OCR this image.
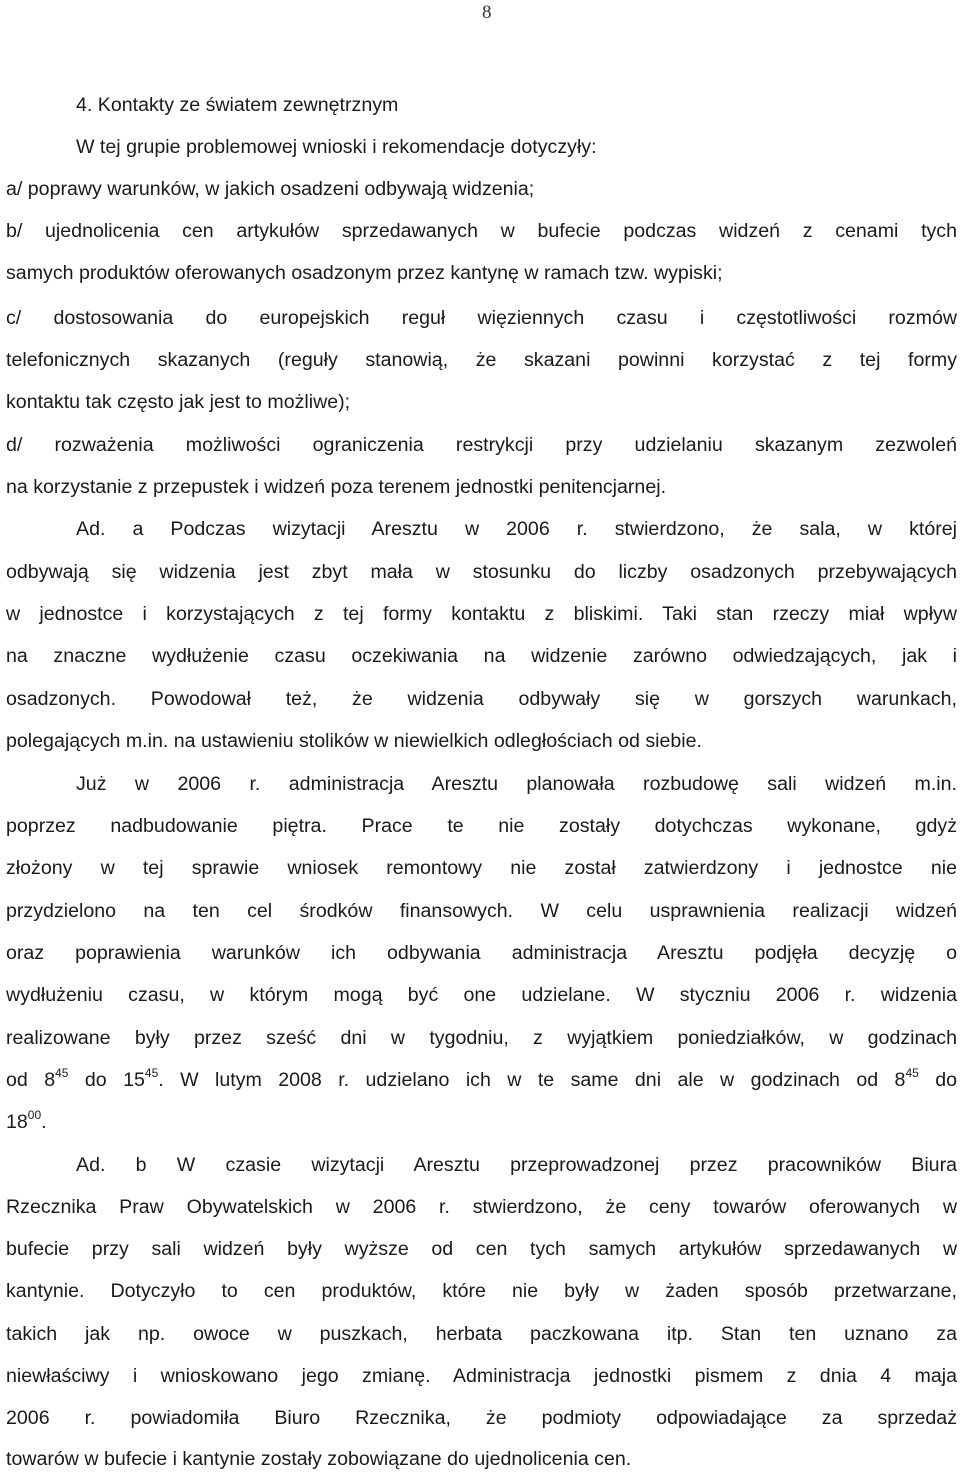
8
4. Kontakty ze światem zewnętrznym
W tej grupie problemowej wnioski i rekomendacje dotyczyły:
a/ poprawy warunków, w jakich osadzeni odbywają widzenia;
b/ ujednolicenia cen artykułów sprzedawanych w bufecie podczas widzeń z cenami tych
samych produktów oferowanych osadzonym przez kantynę w ramach tzw. wypiski;
c/ dostosowania do europejskich reguł więziennych czasu i częstotliwości rozmów
telefonicznych skazanych (reguły stanowią, że skazani powinni korzystać z tej formy
kontaktu tak często jak jest to możliwe);
d/ rozważenia możliwości ograniczenia restrykcji przy udzielaniu skazanym zezwoleń
na korzystanie z przepustek i widzeń poza terenem jednostki penitencjarnej.
Ad. a Podczas wizytacji Aresztu w 2006 r. stwierdzono, że sala, w której
odbywają się widzenia jest zbyt mała w stosunku do liczby osadzonych przebywających
w jednostce i korzystających z tej formy kontaktu z bliskimi. Taki stan rzeczy miał wpływ
na znaczne wydłużenie czasu oczekiwania na widzenie zarówno odwiedzających, jak i
osadzonych. Powodował też, że widzenia odbywały się w gorszych warunkach,
polegających m.in. na ustawieniu stolików w niewielkich odległościach od siebie.
Już w 2006 r. administracja Aresztu planowała rozbudowę sali widzeń m.in.
poprzez nadbudowanie piętra. Prace te nie zostały dotychczas wykonane, gdyż
złożony w tej sprawie wniosek remontowy nie został zatwierdzony i jednostce nie
przydzielono na ten cel środków finansowych. W celu usprawnienia realizacji widzeń
oraz poprawienia warunków ich odbywania administracja Aresztu podjęła decyzję o
wydłużeniu czasu, w którym mogą być one udzielane. W styczniu 2006 r. widzenia
realizowane były przez sześć dni w tygodniu, z wyjątkiem poniedziałków, w godzinach
od $8^{45}$ do $15^{45}$. W lutym 2008 r. udzielano ich w te same dni ale w godzinach od $8^{45}$ do
$18^{00}$.
Ad. b W czasie wizytacji Aresztu przeprowadzonej przez pracowników Biura
Rzecznika Praw Obywatelskich w 2006 r. stwierdzono, że ceny towarów oferowanych w
bufecie przy sali widzeń były wyższe od cen tych samych artykułów sprzedawanych w
kantynie. Dotyczyło to cen produktów, które nie były w żaden sposób przetwarzane,
takich jak np. owoce w puszkach, herbata paczkowana itp. Stan ten uznano za
niewłaściwy i wnioskowano jego zmianę. Administracja jednostki pismem z dnia 4 maja
2006 r. powiadomiła Biuro Rzecznika, że podmioty odpowiadające za sprzedaż
towarów w bufecie i kantynie zostały zobowiązane do ujednolicenia cen.
